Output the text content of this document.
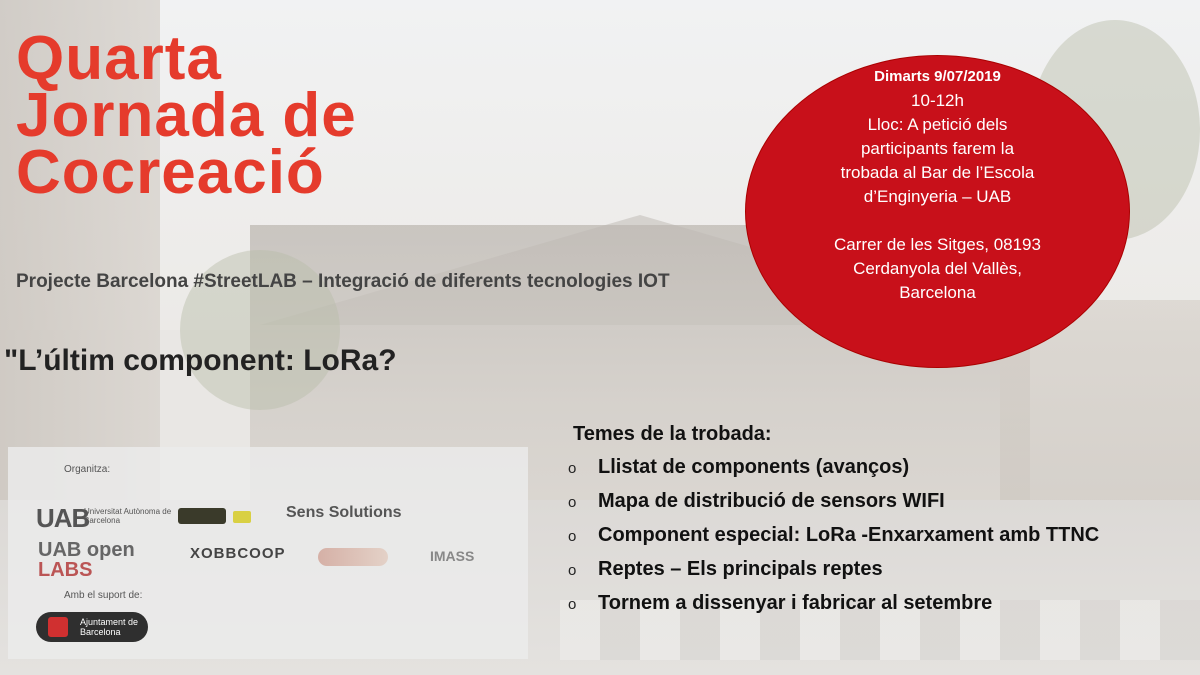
Quarta
Jornada de
Cocreació
Projecte Barcelona #StreetLAB – Integració de diferents tecnologies IOT
"L’últim component: LoRa?
Dimarts 9/07/2019
10-12h
Lloc: A petició dels
participants farem la
trobada al Bar de l’Escola
d’Enginyeria – UAB
Carrer de les Sitges, 08193
Cerdanyola del Vallès,
Barcelona
Organitza:
UAB
Universitat Autònoma de Barcelona	Sens Solutions
UAB open
LABS
XOBBCOOP	IMASS
Amb el suport de:
Ajuntament de Barcelona
Temes de la trobada:
o Llistat de components (avanços)
o Mapa de distribució de sensors WIFI
o Component especial: LoRa -Enxarxament amb TTNC
o Reptes – Els principals reptes
o Tornem a dissenyar i fabricar al setembre
